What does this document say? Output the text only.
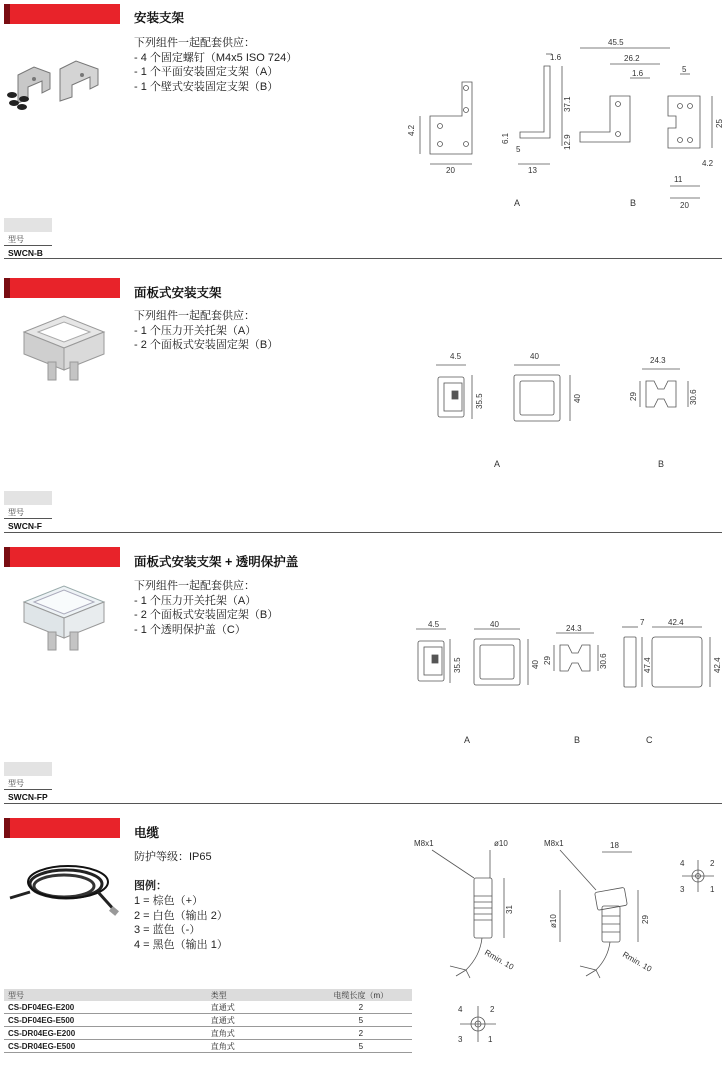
安装支架
下列组件一起配套供应：
- 4 个固定螺钉（M4x5 ISO 724）
- 1 个平面安装固定支架（A）
- 1 个壁式安装固定支架（B）
4.2
20
6.1
5
1.6
37.1
12.9
13
45.5
26.2
1.6	5
25
4.2
11
20
A	B
型号
SWCN-B
面板式安装支架
下列组件一起配套供应：
- 1 个压力开关托架（A）
- 2 个面板式安装固定架（B）
4.5
35.5
40
40
24.3
29	30.6
A	B
型号
SWCN-F
面板式安装支架 + 透明保护盖
下列组件一起配套供应：
- 1 个压力开关托架（A）
- 2 个面板式安装固定架（B）
- 1 个透明保护盖（C）	4.5
35.5
40
40
24.3
29	30.6
7
47.4
42.4
42.4
A	B	C
型号
SWCN-FP
电缆
防护等级：IP65
图例：
1 = 棕色（+）
2 = 白色（输出 2）
3 = 蓝色（-）
4 = 黑色（输出 1）
M8x1	ø10
31
Rmin. 10
M8x1	18
ø10	29
Rmin. 10
1
2
3
4
型号	类型	电缆长度（m）
CS-DF04EG-E200	直通式	2
CS-DF04EG-E500	直通式	5
CS-DR04EG-E200	直角式	2
CS-DR04EG-E500	直角式	5
1
2
3
4
